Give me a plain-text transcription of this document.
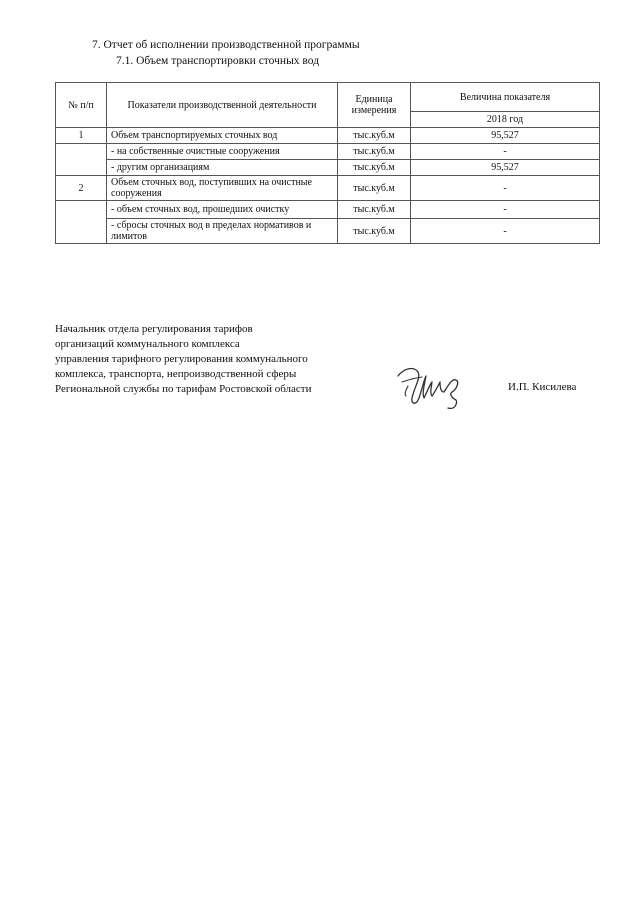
7. Отчет об исполнении производственной программы
7.1. Объем транспортировки сточных вод
№ п/п	Показатели производственной деятельности	Единица измерения	Величина показателя
			2018 год
1	Объем транспортируемых сточных вод	тыс.куб.м	95,527
	- на собственные очистные сооружения	тыс.куб.м	-
	- другим организациям	тыс.куб.м	95,527
2	Объем сточных вод, поступивших на очистные сооружения	тыс.куб.м	-
	- объем сточных вод, прошедших очистку	тыс.куб.м	-
	- сбросы сточных вод в пределах нормативов и лимитов	тыс.куб.м	-
Начальник отдела регулирования тарифов
организаций коммунального комплекса
управления тарифного регулирования коммунального
комплекса, транспорта, непроизводственной сферы
Региональной службы по тарифам Ростовской области	И.П. Кисилева
